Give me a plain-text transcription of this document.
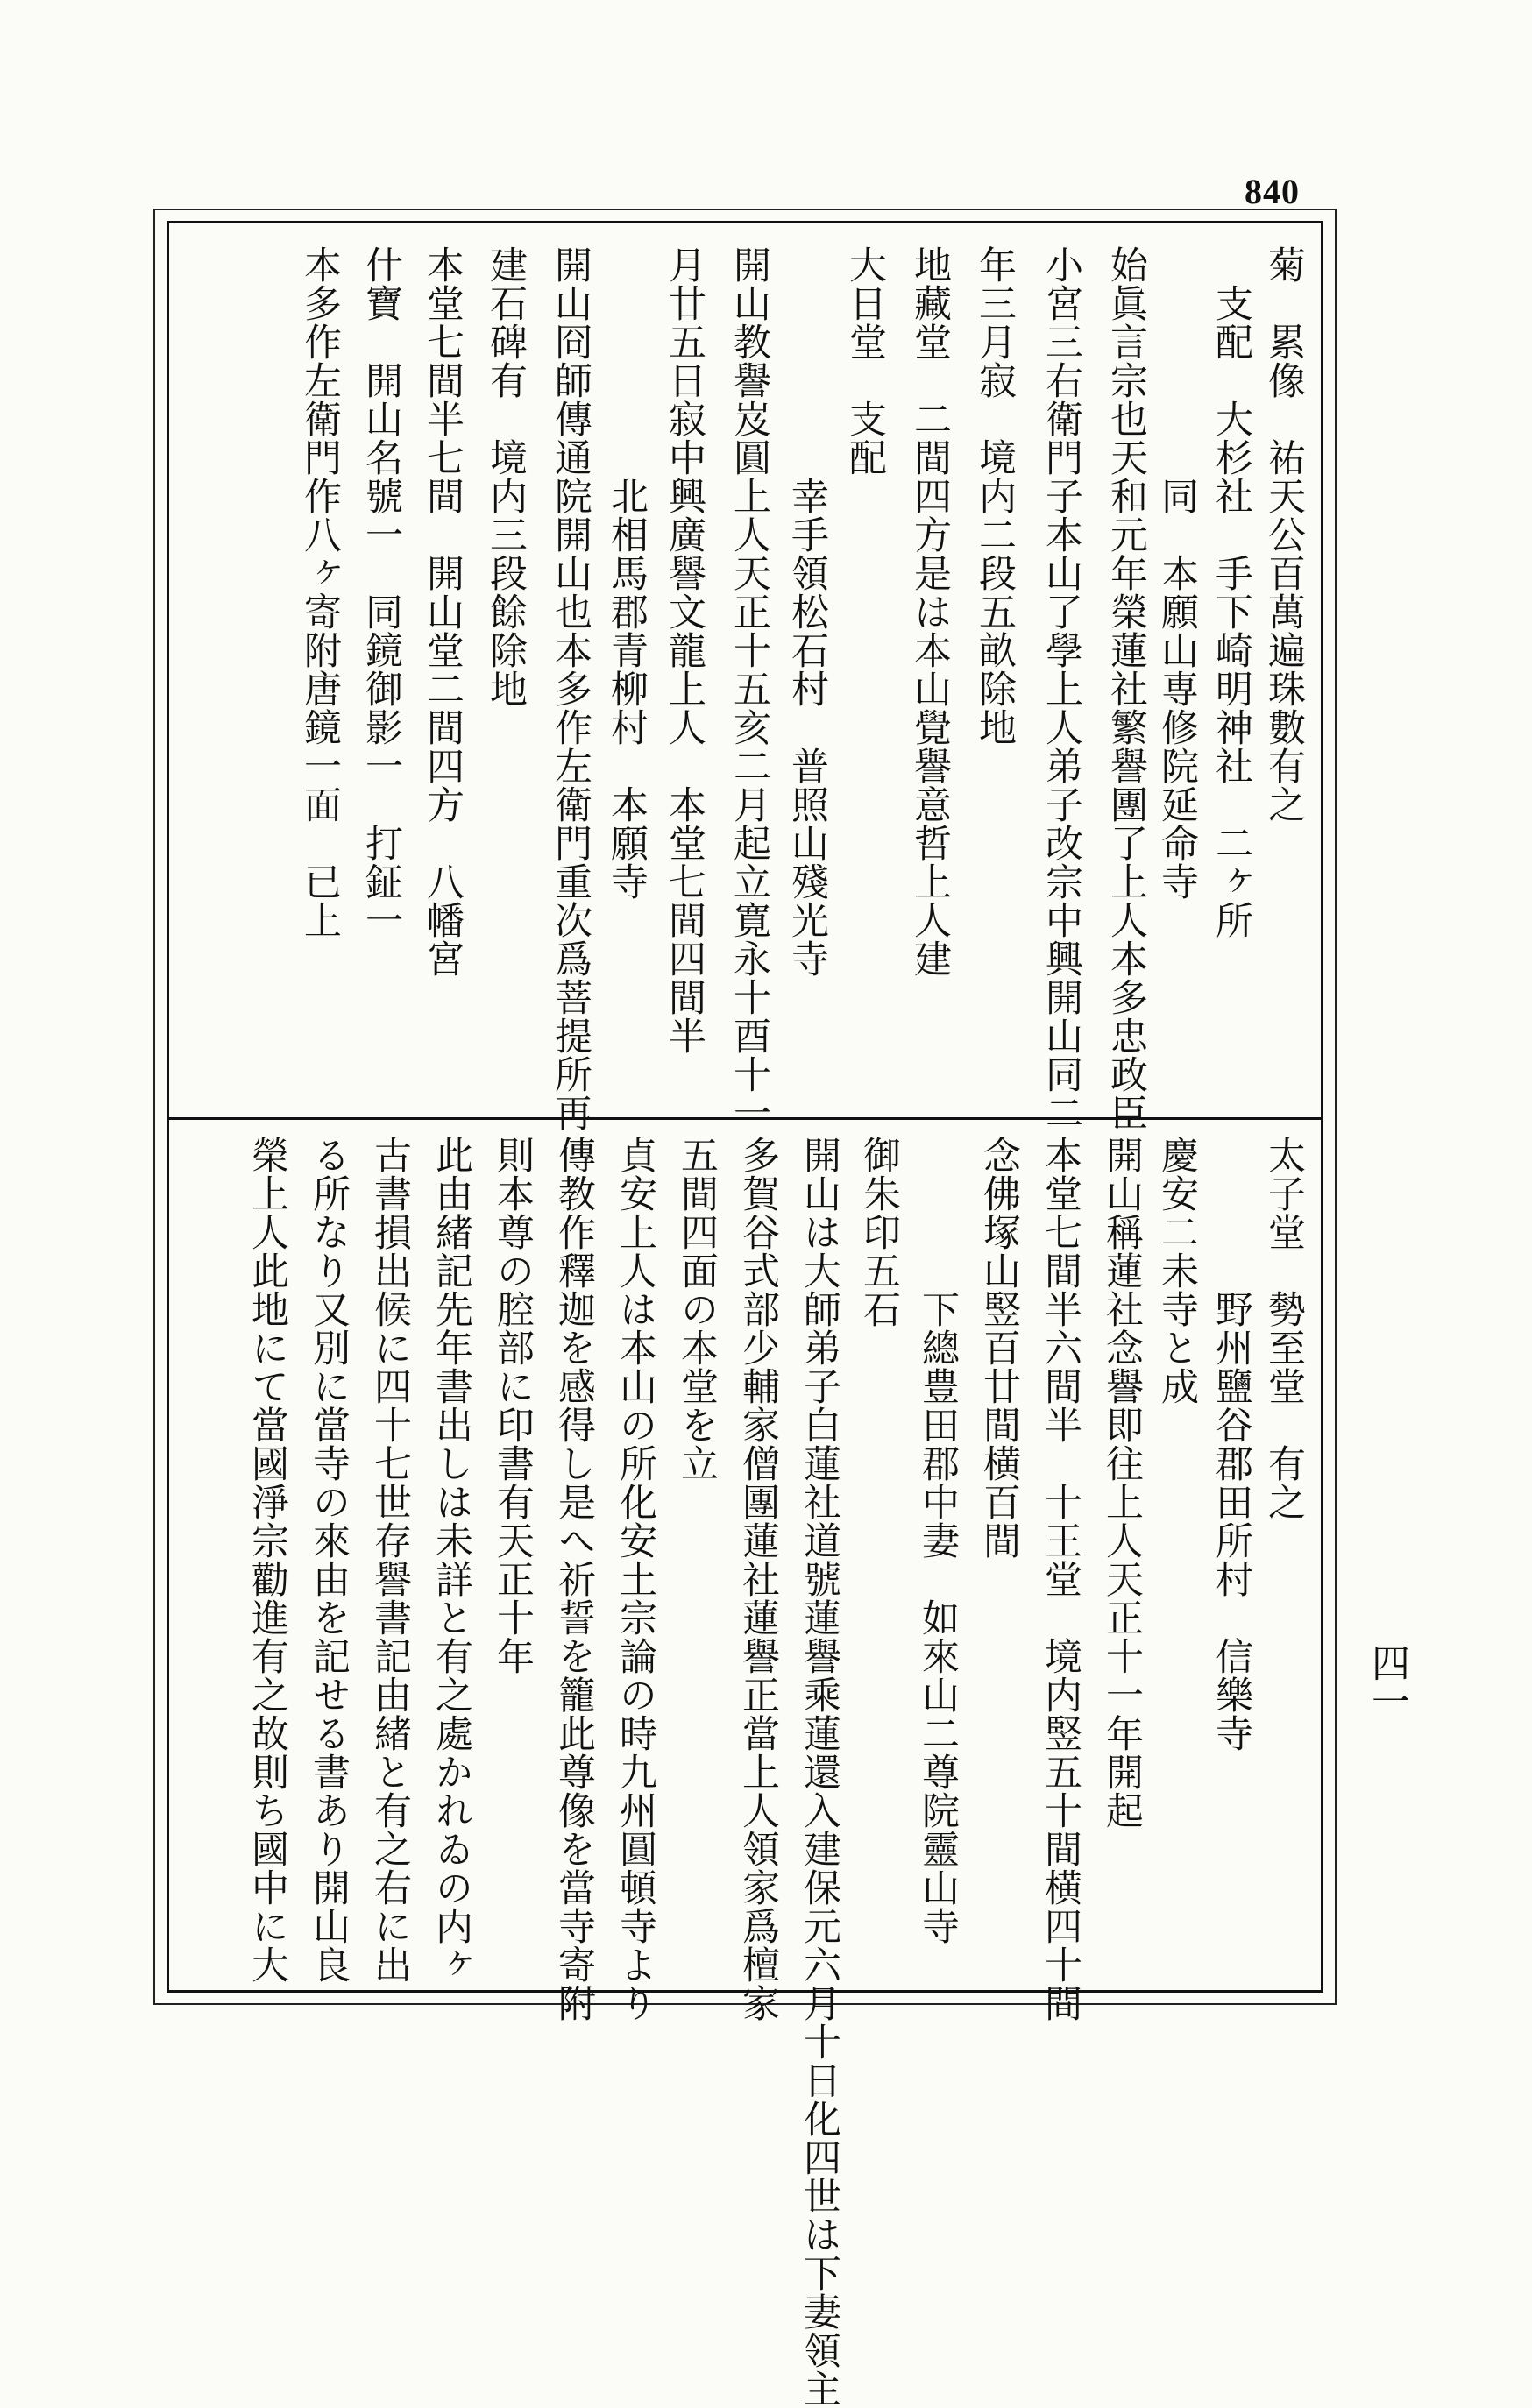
840
四一
菊　累像　祐天公百萬遍珠數有之
　支配　大杉社　手下崎明神社　二ヶ所
　　　　　　同　本願山専修院延命寺
始眞言宗也天和元年榮蓮社繁譽團了上人本多忠政臣
小宮三右衛門子本山了學上人弟子改宗中興開山同二
年三月寂　境内二段五畝除地
地藏堂　二間四方是は本山覺譽意哲上人建
大日堂　支配
　　　　　　幸手領松石村　普照山殘光寺
開山教譽岌圓上人天正十五亥二月起立寛永十酉十一
月廿五日寂中興廣譽文龍上人　本堂七間四間半
　　　　　　北相馬郡青柳村　本願寺
開山冏師傳通院開山也本多作左衛門重次爲菩提所再
建石碑有　境内三段餘除地
本堂七間半七間　開山堂二間四方　八幡宮
什寶　開山名號一　同鏡御影一　打鉦一
本多作左衛門作八ヶ寄附唐鏡一面　已上
太子堂　勢至堂　有之
　　　　野州鹽谷郡田所村　信樂寺
慶安二未寺と成
開山稱蓮社念譽即往上人天正十一年開起
本堂七間半六間半　十王堂　境内竪五十間横四十間
念佛塚山竪百廿間横百間
　　　　下總豊田郡中妻　如來山二尊院靈山寺
御朱印五石
開山は大師弟子白蓮社道號蓮譽乘蓮還入建保元六月十日化四世は下妻領主
多賀谷式部少輔家僧團蓮社蓮譽正當上人領家爲檀家
五間四面の本堂を立
貞安上人は本山の所化安土宗論の時九州圓頓寺より
傳教作釋迦を感得し是へ祈誓を籠此尊像を當寺寄附
則本尊の腔部に印書有天正十年
此由緒記先年書出しは未詳と有之處かれゐの内ヶ
古書損出候に四十七世存譽書記由緒と有之右に出
る所なり又別に當寺の來由を記せる書あり開山良
榮上人此地にて當國淨宗勸進有之故則ち國中に大
